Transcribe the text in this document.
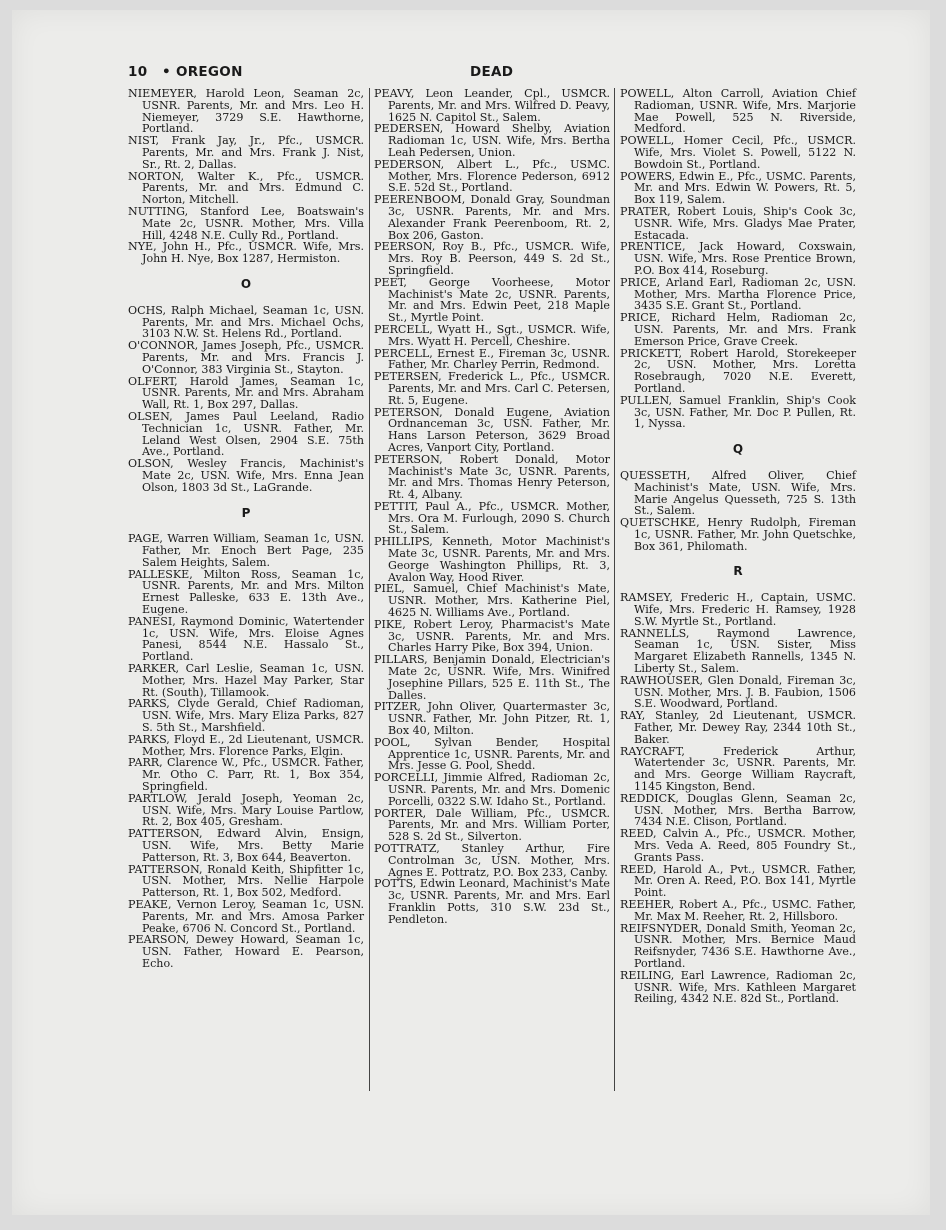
10 • OREGON	DEAD

NIEMEYER, Harold Leon, Seaman 2c, USNR. Parents, Mr. and Mrs. Leo H. Niemeyer, 3729 S.E. Hawthorne, Portland.

NIST, Frank Jay, Jr., Pfc., USMCR. Parents, Mr. and Mrs. Frank J. Nist, Sr., Rt. 2, Dallas.

NORTON, Walter K., Pfc., USMCR. Parents, Mr. and Mrs. Edmund C. Norton, Mitchell.

NUTTING, Stanford Lee, Boatswain's Mate 2c, USNR. Mother, Mrs. Villa Hill, 4248 N.E. Cully Rd., Portland.

NYE, John H., Pfc., USMCR. Wife, Mrs. John H. Nye, Box 1287, Hermiston.

O

OCHS, Ralph Michael, Seaman 1c, USN. Parents, Mr. and Mrs. Michael Ochs, 3103 N.W. St. Helens Rd., Portland.

O'CONNOR, James Joseph, Pfc., USMCR. Parents, Mr. and Mrs. Francis J. O'Connor, 383 Virginia St., Stayton.

OLFERT, Harold James, Seaman 1c, USNR. Parents, Mr. and Mrs. Abraham Wall, Rt. 1, Box 297, Dallas.

OLSEN, James Paul Leeland, Radio Technician 1c, USNR. Father, Mr. Leland West Olsen, 2904 S.E. 75th Ave., Portland.

OLSON, Wesley Francis, Machinist's Mate 2c, USN. Wife, Mrs. Enna Jean Olson, 1803 3d St., LaGrande.

P

PAGE, Warren William, Seaman 1c, USN. Father, Mr. Enoch Bert Page, 235 Salem Heights, Salem.

PALLESKE, Milton Ross, Seaman 1c, USNR. Parents, Mr. and Mrs. Milton Ernest Palleske, 633 E. 13th Ave., Eugene.

PANESI, Raymond Dominic, Watertender 1c, USN. Wife, Mrs. Eloise Agnes Panesi, 8544 N.E. Hassalo St., Portland.

PARKER, Carl Leslie, Seaman 1c, USN. Mother, Mrs. Hazel May Parker, Star Rt. (South), Tillamook.

PARKS, Clyde Gerald, Chief Radioman, USN. Wife, Mrs. Mary Eliza Parks, 827 S. 5th St., Marshfield.

PARKS, Floyd E., 2d Lieutenant, USMCR. Mother, Mrs. Florence Parks, Elgin.

PARR, Clarence W., Pfc., USMCR. Father, Mr. Otho C. Parr, Rt. 1, Box 354, Springfield.

PARTLOW, Jerald Joseph, Yeoman 2c, USN. Wife, Mrs. Mary Louise Partlow, Rt. 2, Box 405, Gresham.

PATTERSON, Edward Alvin, Ensign, USN. Wife, Mrs. Betty Marie Patterson, Rt. 3, Box 644, Beaverton.

PATTERSON, Ronald Keith, Shipfitter 1c, USN. Mother, Mrs. Nellie Harpole Patterson, Rt. 1, Box 502, Medford.

PEAKE, Vernon Leroy, Seaman 1c, USN. Parents, Mr. and Mrs. Amosa Parker Peake, 6706 N. Concord St., Portland.

PEARSON, Dewey Howard, Seaman 1c, USN. Father, Howard E. Pearson, Echo.

PEAVY, Leon Leander, Cpl., USMCR. Parents, Mr. and Mrs. Wilfred D. Peavy, 1625 N. Capitol St., Salem.

PEDERSEN, Howard Shelby, Aviation Radioman 1c, USN. Wife, Mrs. Bertha Leah Pedersen, Union.

PEDERSON, Albert L., Pfc., USMC. Mother, Mrs. Florence Pederson, 6912 S.E. 52d St., Portland.

PEERENBOOM, Donald Gray, Soundman 3c, USNR. Parents, Mr. and Mrs. Alexander Frank Peerenboom, Rt. 2, Box 206, Gaston.

PEERSON, Roy B., Pfc., USMCR. Wife, Mrs. Roy B. Peerson, 449 S. 2d St., Springfield.

PEET, George Voorheese, Motor Machinist's Mate 2c, USNR. Parents, Mr. and Mrs. Edwin Peet, 218 Maple St., Myrtle Point.

PERCELL, Wyatt H., Sgt., USMCR. Wife, Mrs. Wyatt H. Percell, Cheshire.

PERCELL, Ernest E., Fireman 3c, USNR. Father, Mr. Charley Perrin, Redmond.

PETERSEN, Frederick L., Pfc., USMCR. Parents, Mr. and Mrs. Carl C. Petersen, Rt. 5, Eugene.

PETERSON, Donald Eugene, Aviation Ordnanceman 3c, USN. Father, Mr. Hans Larson Peterson, 3629 Broad Acres, Vanport City, Portland.

PETERSON, Robert Donald, Motor Machinist's Mate 3c, USNR. Parents, Mr. and Mrs. Thomas Henry Peterson, Rt. 4, Albany.

PETTIT, Paul A., Pfc., USMCR. Mother, Mrs. Ora M. Furlough, 2090 S. Church St., Salem.

PHILLIPS, Kenneth, Motor Machinist's Mate 3c, USNR. Parents, Mr. and Mrs. George Washington Phillips, Rt. 3, Avalon Way, Hood River.

PIEL, Samuel, Chief Machinist's Mate, USNR. Mother, Mrs. Katherine Piel, 4625 N. Williams Ave., Portland.

PIKE, Robert Leroy, Pharmacist's Mate 3c, USNR. Parents, Mr. and Mrs. Charles Harry Pike, Box 394, Union.

PILLARS, Benjamin Donald, Electrician's Mate 2c, USNR. Wife, Mrs. Winifred Josephine Pillars, 525 E. 11th St., The Dalles.

PITZER, John Oliver, Quartermaster 3c, USNR. Father, Mr. John Pitzer, Rt. 1, Box 40, Milton.

POOL, Sylvan Bender, Hospital Apprentice 1c, USNR. Parents, Mr. and Mrs. Jesse G. Pool, Shedd.

PORCELLI, Jimmie Alfred, Radioman 2c, USNR. Parents, Mr. and Mrs. Domenic Porcelli, 0322 S.W. Idaho St., Portland.

PORTER, Dale William, Pfc., USMCR. Parents, Mr. and Mrs. William Porter, 528 S. 2d St., Silverton.

POTTRATZ, Stanley Arthur, Fire Controlman 3c, USN. Mother, Mrs. Agnes E. Pottratz, P.O. Box 233, Canby.

POTTS, Edwin Leonard, Machinist's Mate 3c, USNR. Parents, Mr. and Mrs. Earl Franklin Potts, 310 S.W. 23d St., Pendleton.

POWELL, Alton Carroll, Aviation Chief Radioman, USNR. Wife, Mrs. Marjorie Mae Powell, 525 N. Riverside, Medford.

POWELL, Homer Cecil, Pfc., USMCR. Wife, Mrs. Violet S. Powell, 5122 N. Bowdoin St., Portland.

POWERS, Edwin E., Pfc., USMC. Parents, Mr. and Mrs. Edwin W. Powers, Rt. 5, Box 119, Salem.

PRATER, Robert Louis, Ship's Cook 3c, USNR. Wife, Mrs. Gladys Mae Prater, Estacada.

PRENTICE, Jack Howard, Coxswain, USN. Wife, Mrs. Rose Prentice Brown, P.O. Box 414, Roseburg.

PRICE, Arland Earl, Radioman 2c, USN. Mother, Mrs. Martha Florence Price, 3435 S.E. Grant St., Portland.

PRICE, Richard Helm, Radioman 2c, USN. Parents, Mr. and Mrs. Frank Emerson Price, Grave Creek.

PRICKETT, Robert Harold, Storekeeper 2c, USN. Mother, Mrs. Loretta Rosebraugh, 7020 N.E. Everett, Portland.

PULLEN, Samuel Franklin, Ship's Cook 3c, USN. Father, Mr. Doc P. Pullen, Rt. 1, Nyssa.

Q

QUESSETH, Alfred Oliver, Chief Machinist's Mate, USN. Wife, Mrs. Marie Angelus Quesseth, 725 S. 13th St., Salem.

QUETSCHKE, Henry Rudolph, Fireman 1c, USNR. Father, Mr. John Quetschke, Box 361, Philomath.

R

RAMSEY, Frederic H., Captain, USMC. Wife, Mrs. Frederic H. Ramsey, 1928 S.W. Myrtle St., Portland.

RANNELLS, Raymond Lawrence, Seaman 1c, USN. Sister, Miss Margaret Elizabeth Rannells, 1345 N. Liberty St., Salem.

RAWHOUSER, Glen Donald, Fireman 3c, USN. Mother, Mrs. J. B. Faubion, 1506 S.E. Woodward, Portland.

RAY, Stanley, 2d Lieutenant, USMCR. Father, Mr. Dewey Ray, 2344 10th St., Baker.

RAYCRAFT, Frederick Arthur, Watertender 3c, USNR. Parents, Mr. and Mrs. George William Raycraft, 1145 Kingston, Bend.

REDDICK, Douglas Glenn, Seaman 2c, USN. Mother, Mrs. Bertha Barrow, 7434 N.E. Clison, Portland.

REED, Calvin A., Pfc., USMCR. Mother, Mrs. Veda A. Reed, 805 Foundry St., Grants Pass.

REED, Harold A., Pvt., USMCR. Father, Mr. Oren A. Reed, P.O. Box 141, Myrtle Point.

REEHER, Robert A., Pfc., USMC. Father, Mr. Max M. Reeher, Rt. 2, Hillsboro.

REIFSNYDER, Donald Smith, Yeoman 2c, USNR. Mother, Mrs. Bernice Maud Reifsnyder, 7436 S.E. Hawthorne Ave., Portland.

REILING, Earl Lawrence, Radioman 2c, USNR. Wife, Mrs. Kathleen Margaret Reiling, 4342 N.E. 82d St., Portland.
